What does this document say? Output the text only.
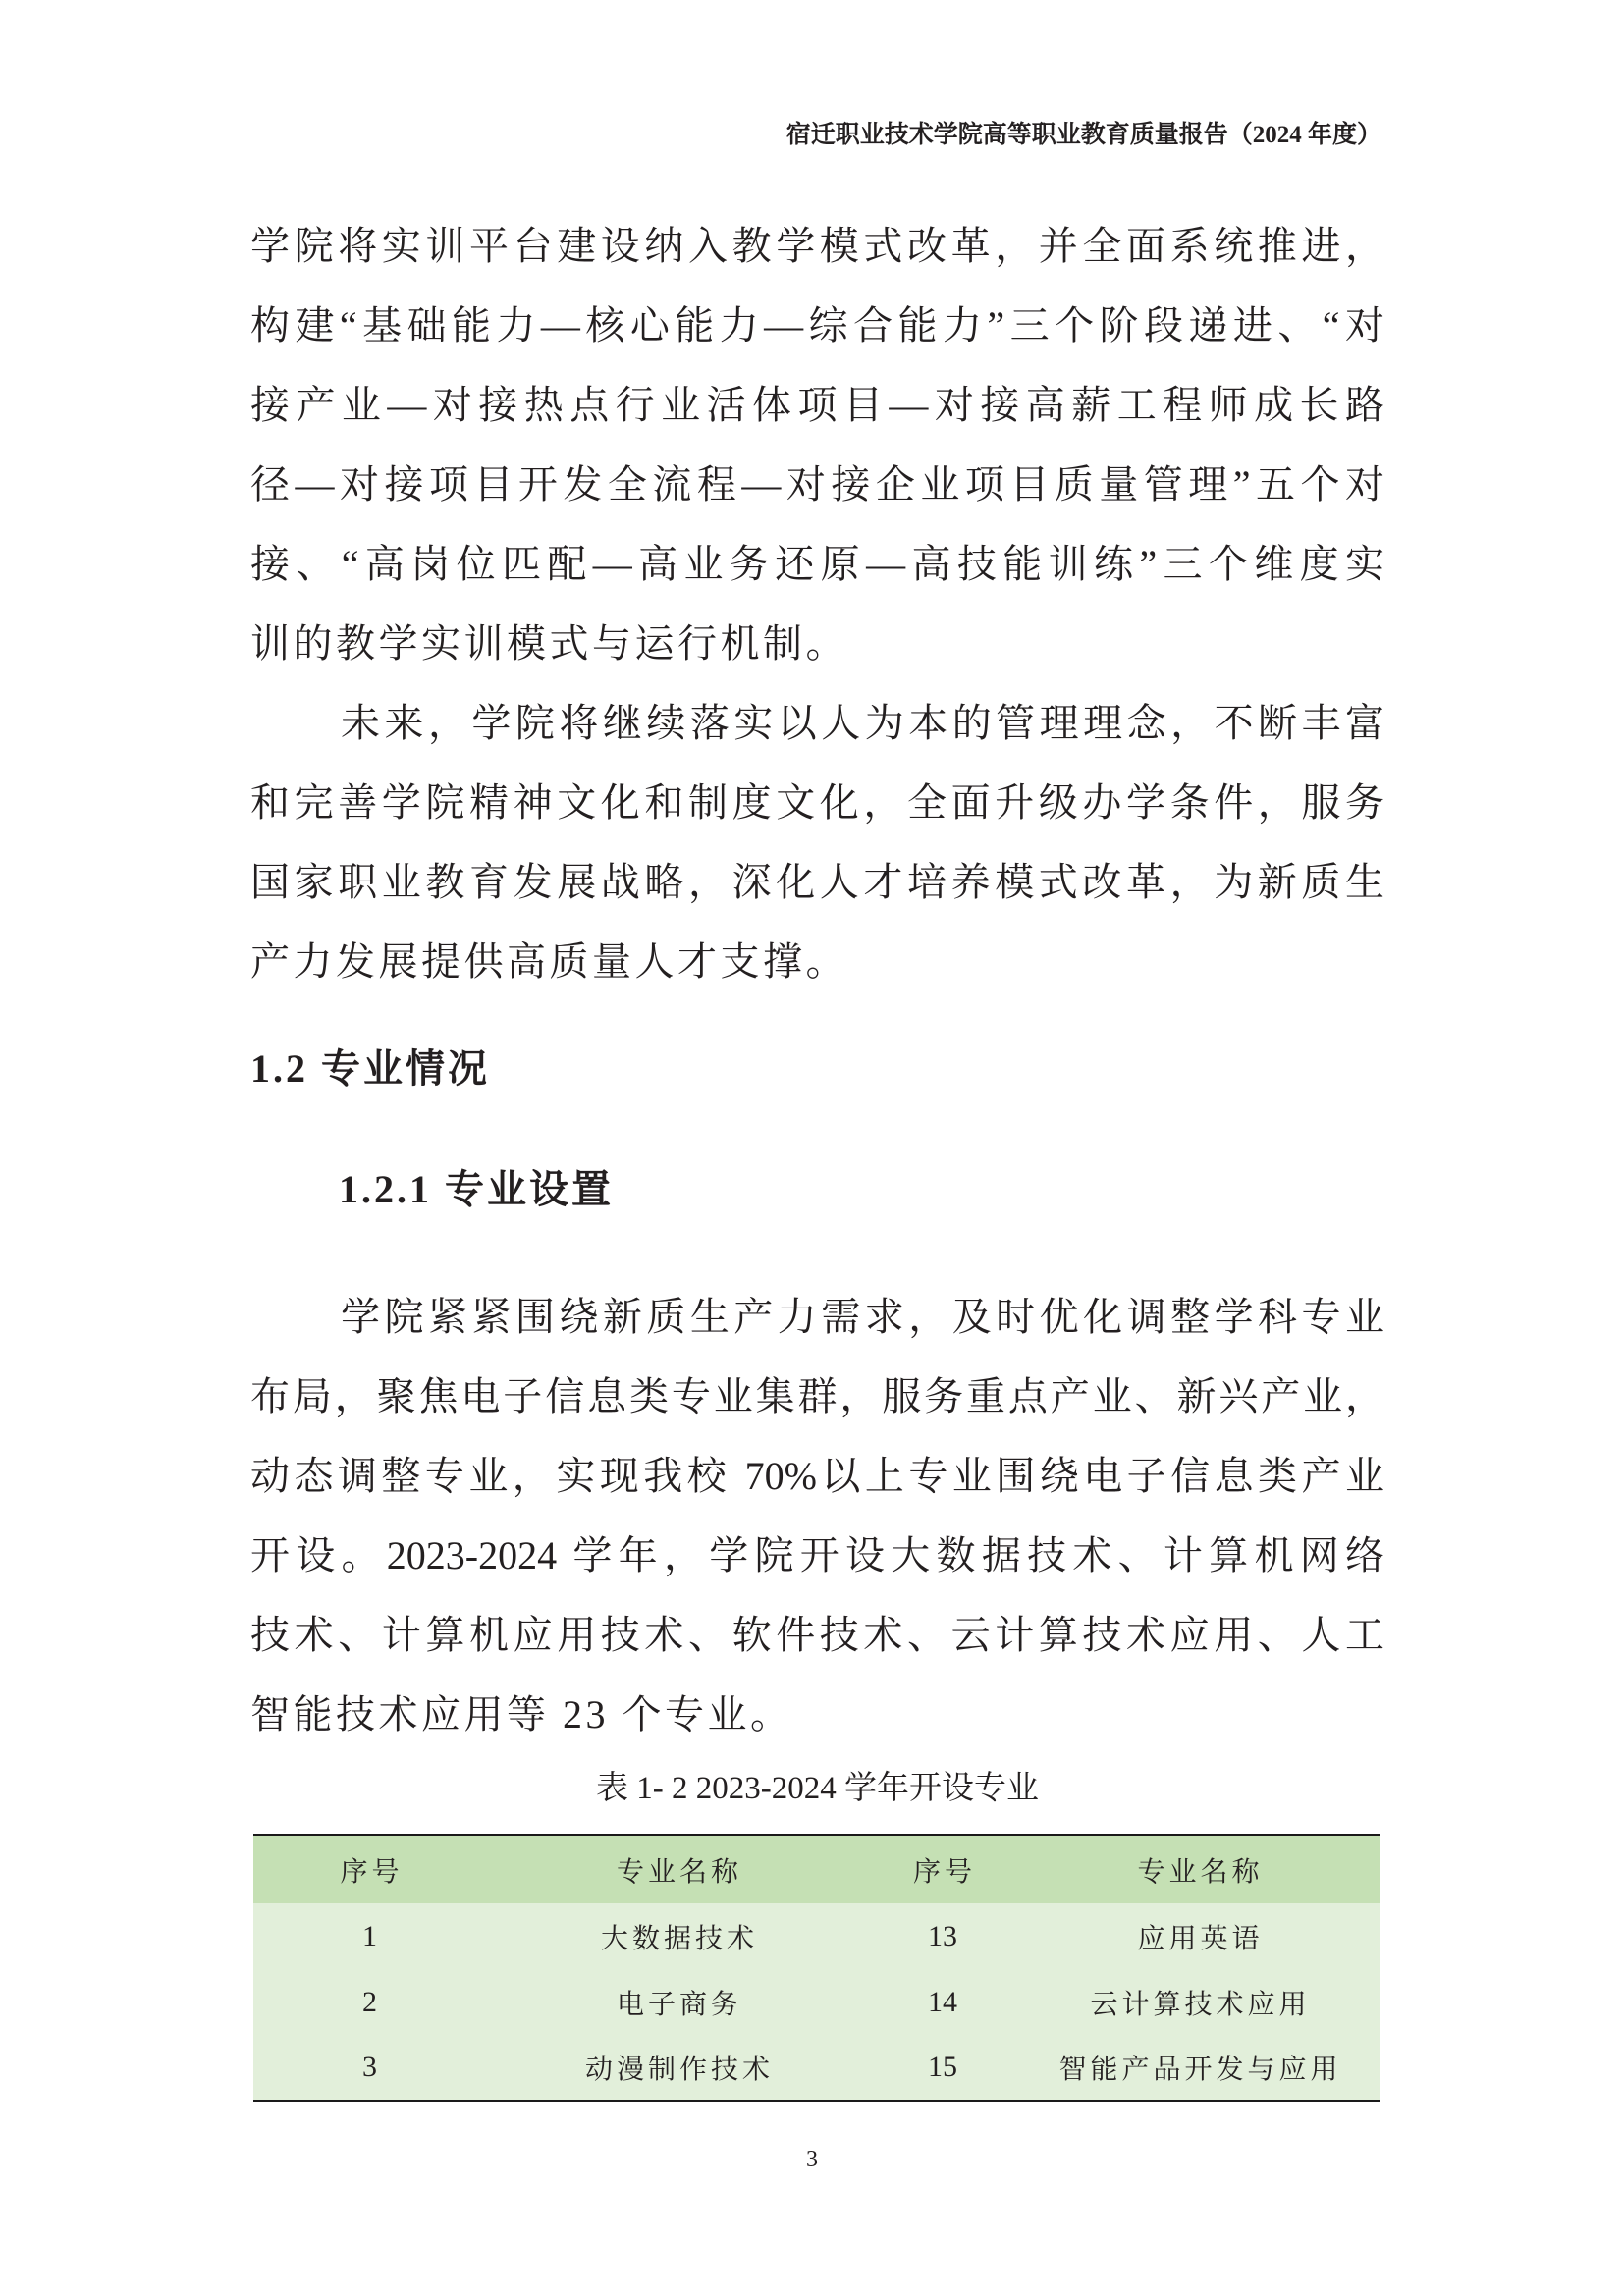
宿迁职业技术学院高等职业教育质量报告（2024 年度）
学院将实训平台建设纳入教学模式改革，并全面系统推进，
构建“基础能力—核心能力—综合能力”三个阶段递进、“对
接产业—对接热点行业活体项目—对接高薪工程师成长路
径—对接项目开发全流程—对接企业项目质量管理”五个对
接、“高岗位匹配—高业务还原—高技能训练”三个维度实
训的教学实训模式与运行机制。
未来，学院将继续落实以人为本的管理理念，不断丰富
和完善学院精神文化和制度文化，全面升级办学条件，服务
国家职业教育发展战略，深化人才培养模式改革，为新质生
产力发展提供高质量人才支撑。
1.2 专业情况
1.2.1 专业设置
学院紧紧围绕新质生产力需求，及时优化调整学科专业
布局，聚焦电子信息类专业集群，服务重点产业、新兴产业，
动态调整专业，实现我校 70%以上专业围绕电子信息类产业
开设。2023-2024 学年，学院开设大数据技术、计算机网络
技术、计算机应用技术、软件技术、云计算技术应用、人工
智能技术应用等 23 个专业。
表 1- 2 2023-2024 学年开设专业
序号	专业名称	序号	专业名称
1	大数据技术	13	应用英语
2	电子商务	14	云计算技术应用
3	动漫制作技术	15	智能产品开发与应用
3
